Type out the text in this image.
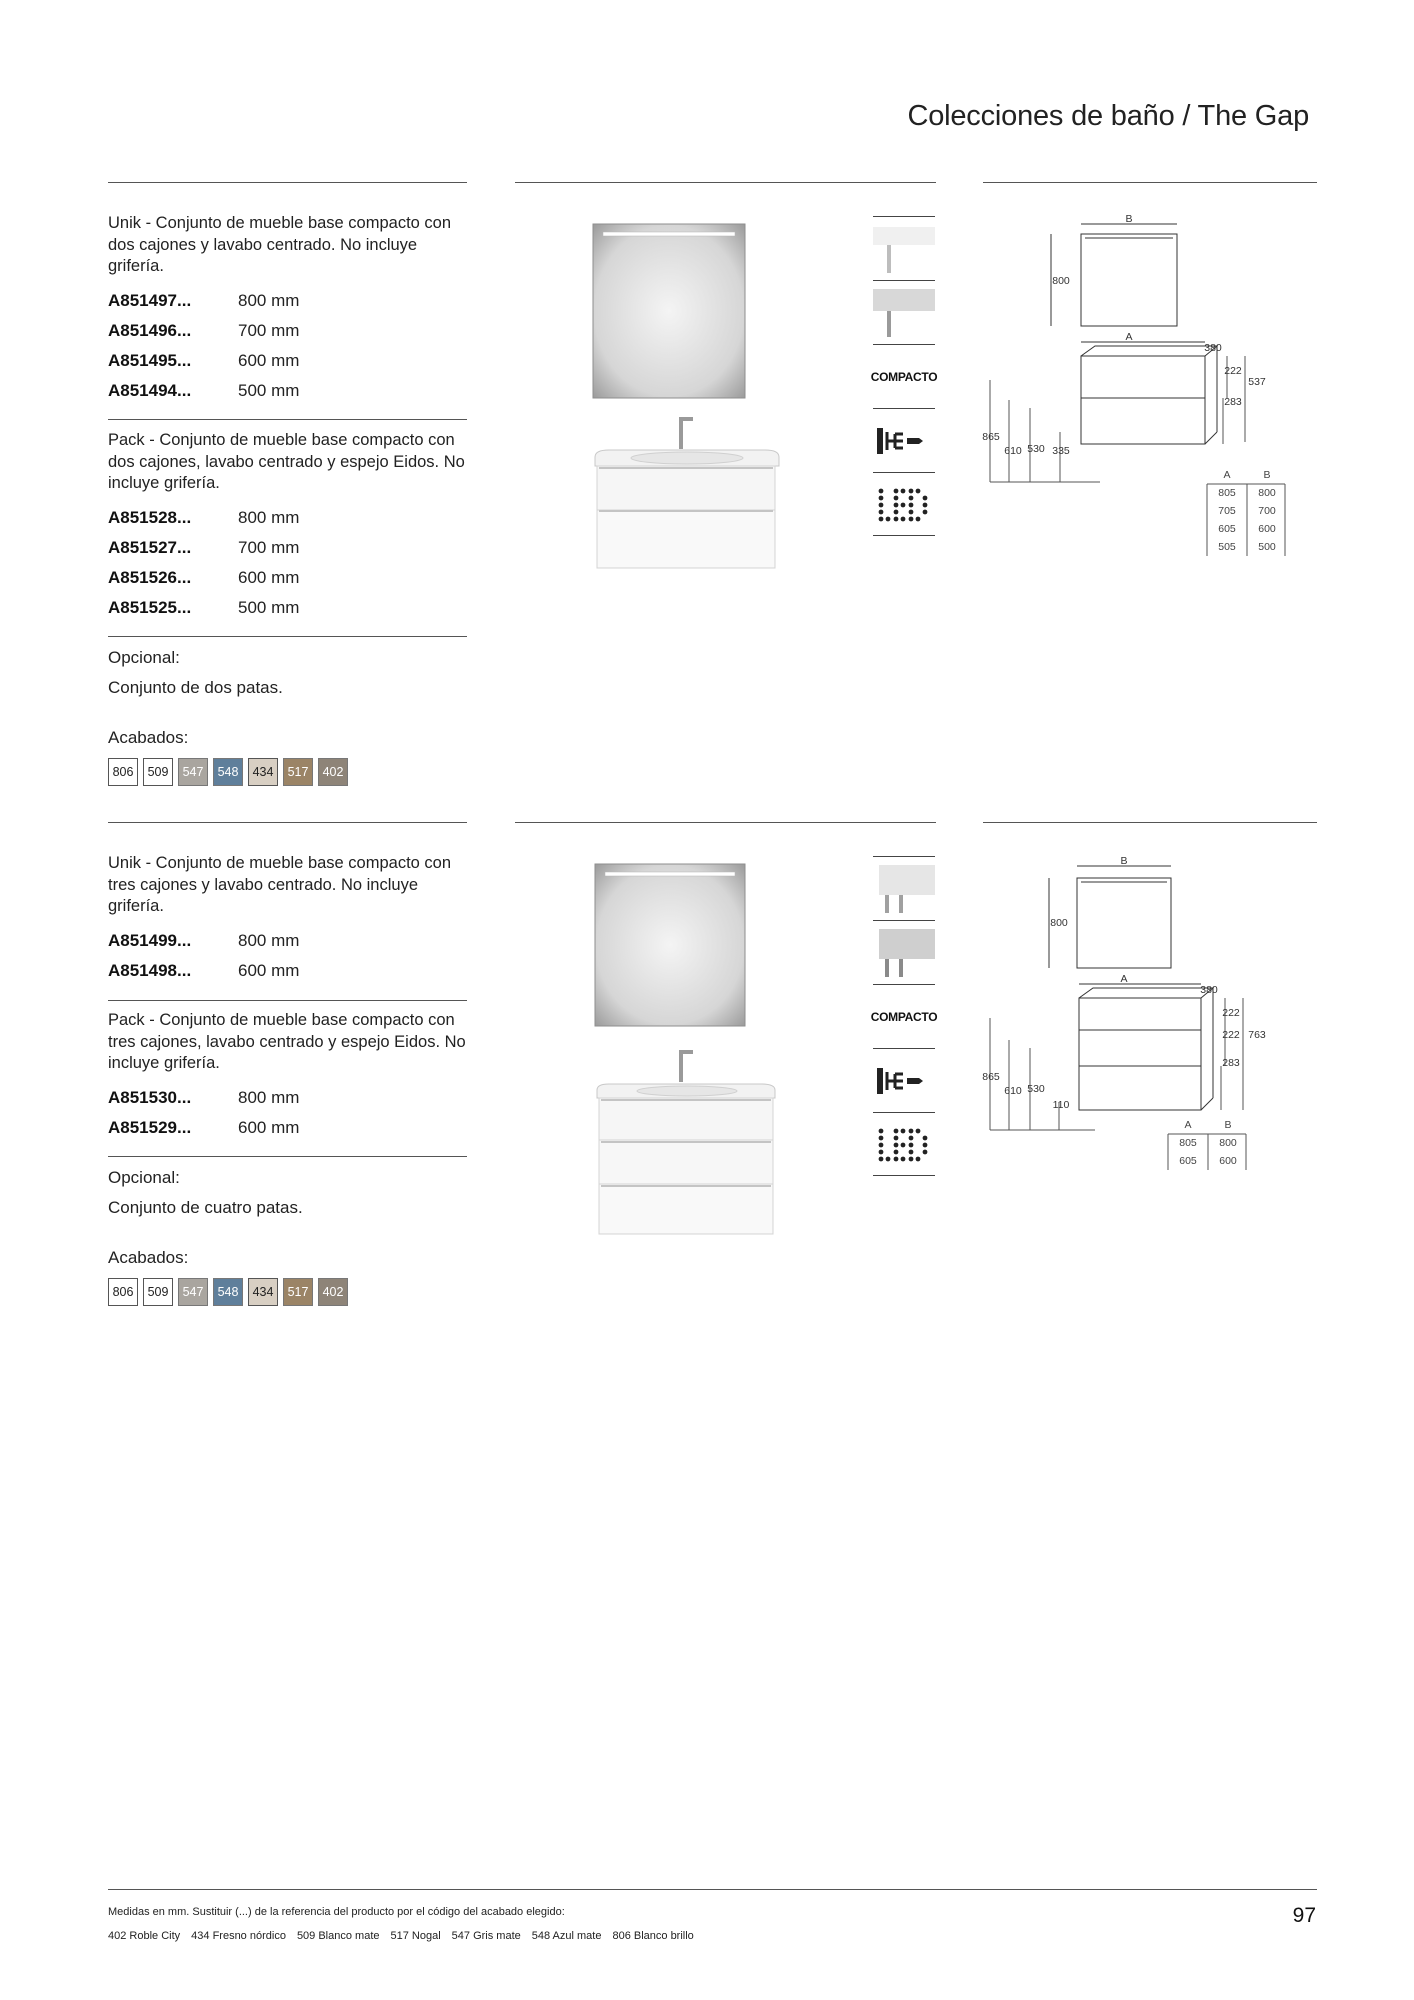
Colecciones de baño / The Gap
Unik - Conjunto de mueble base compacto con dos cajones y lavabo centrado. No incluye grifería.
A851497...	800 mm
A851496...	700 mm
A851495...	600 mm
A851494...	500 mm
Pack - Conjunto de mueble base compacto con dos cajones, lavabo centrado y espejo Eidos. No incluye grifería.
A851528...	800 mm
A851527...	700 mm
A851526...	600 mm
A851525...	500 mm
Opcional:
Conjunto de dos patas.
Acabados:
806	509	547	548	434	517	402
COMPACTO
B
800
A
380
222
537
283
865
610 530 335
A	B
805 800
705 700
605 600
505 500
Unik - Conjunto de mueble base compacto con tres cajones y lavabo centrado. No incluye grifería.
A851499...	800 mm
A851498...	600 mm
Pack - Conjunto de mueble base compacto con tres cajones, lavabo centrado y espejo Eidos. No incluye grifería.
A851530...	800 mm
A851529...	600 mm
Opcional:
Conjunto de cuatro patas.
Acabados:
806	509	547	548	434	517	402
COMPACTO
B
800
A
380
222
222 763
283
865
610 530
110
A	B
805 800
605 600
Medidas en mm. Sustituir (...) de la referencia del producto por el código del acabado elegido:
402 Roble City 434 Fresno nórdico 509 Blanco mate 517 Nogal 547 Gris mate 548 Azul mate 806 Blanco brillo
97
